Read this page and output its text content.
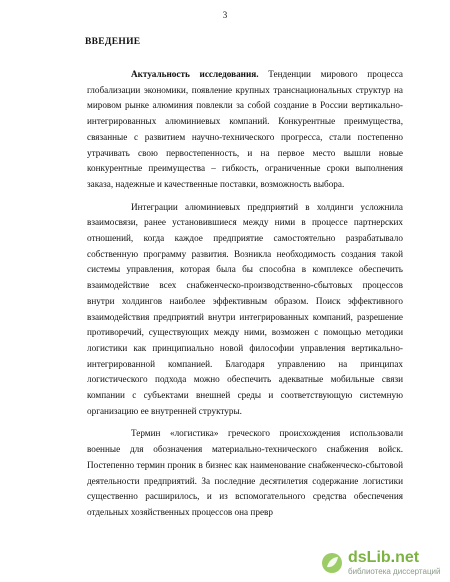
3
ВВЕДЕНИЕ

Актуальность исследования. Тенденции мирового процесса глобализации экономики, появление крупных транснациональных структур на мировом рынке алюминия повлекли за собой создание в России вертикально-интегрированных алюминиевых компаний. Конкурентные преимущества, связанные с развитием научно-технического прогресса, стали постепенно утрачивать свою первостепенность, и на первое место вышли новые конкурентные преимущества – гибкость, ограниченные сроки выполнения заказа, надежные и качественные поставки, возможность выбора.

Интеграции алюминиевых предприятий в холдинги усложнила взаимосвязи, ранее установившиеся между ними в процессе партнерских отношений, когда каждое предприятие самостоятельно разрабатывало собственную программу развития. Возникла необходимость создания такой системы управления, которая была бы способна в комплексе обеспечить взаимодействие всех снабженческо-производственно-сбытовых процессов внутри холдингов наиболее эффективным образом. Поиск эффективного взаимодействия предприятий внутри интегрированных компаний, разрешение противоречий, существующих между ними, возможен с помощью методики логистики как принципиально новой философии управления вертикально-интегрированной компанией. Благодаря управлению на принципах логистического подхода можно обеспечить адекватные мобильные связи компании с субъектами внешней среды и соответствующую системную организацию ее внутренней структуры.

Термин «логистика» греческого происхождения использовали военные для обозначения материально-технического снабжения войск. Постепенно термин проник в бизнес как наименование снабженческо-сбытовой деятельности предприятий. За последние десятилетия содержание логистики существенно расширилось, и из вспомогательного средства обеспечения отдельных хозяйственных процессов она превр

dsLib.net
библиотека диссертаций
